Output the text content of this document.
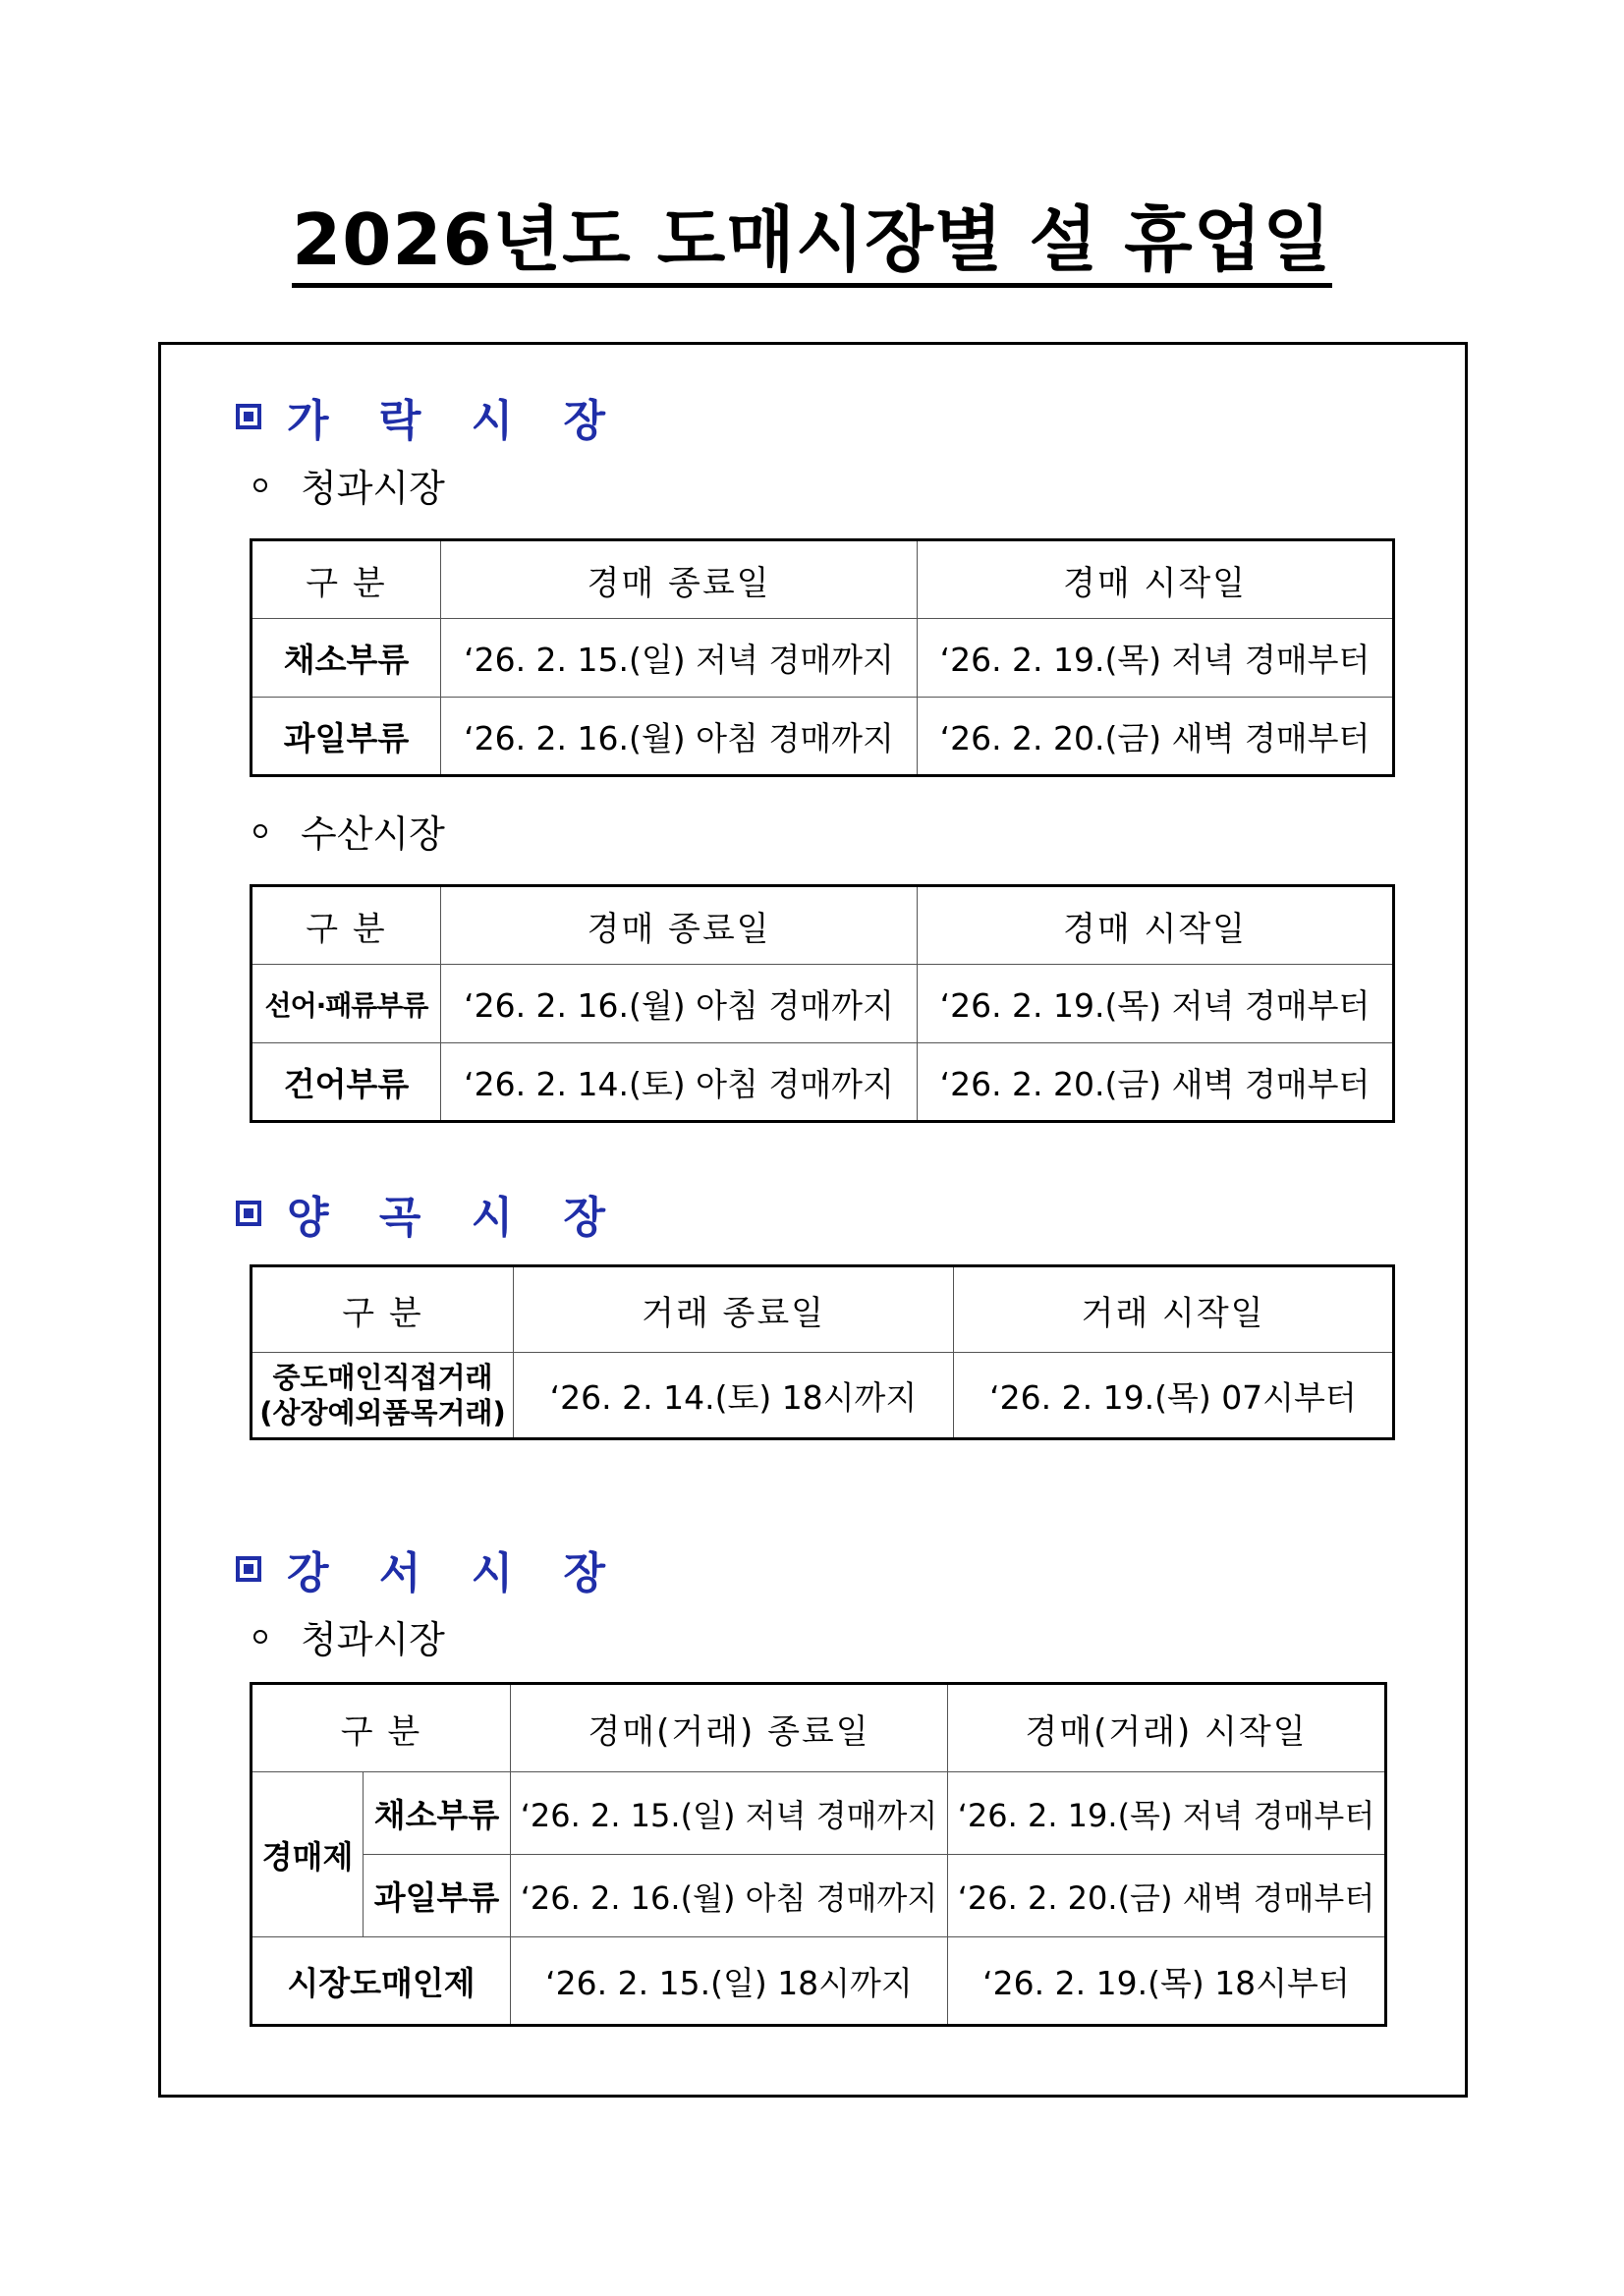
2026년도 도매시장별 설 휴업일
가 락 시 장
청과시장
구 분	경매 종료일	경매 시작일
채소부류	‘26. 2. 15.(일) 저녁 경매까지	‘26. 2. 19.(목) 저녁 경매부터
과일부류	‘26. 2. 16.(월) 아침 경매까지	‘26. 2. 20.(금) 새벽 경매부터
수산시장
구 분	경매 종료일	경매 시작일
선어·패류부류	‘26. 2. 16.(월) 아침 경매까지	‘26. 2. 19.(목) 저녁 경매부터
건어부류	‘26. 2. 14.(토) 아침 경매까지	‘26. 2. 20.(금) 새벽 경매부터
양 곡 시 장
구 분	거래 종료일	거래 시작일

중도매인직접거래
(상장예외품목거래)	‘26. 2. 14.(토) 18시까지	‘26. 2. 19.(목) 07시부터
강 서 시 장
청과시장
구 분		경매(거래) 종료일	경매(거래) 시작일
경매제	채소부류	‘26. 2. 15.(일) 저녁 경매까지	‘26. 2. 19.(목) 저녁 경매부터
	과일부류	‘26. 2. 16.(월) 아침 경매까지	‘26. 2. 20.(금) 새벽 경매부터
시장도매인제		‘26. 2. 15.(일) 18시까지	‘26. 2. 19.(목) 18시부터
